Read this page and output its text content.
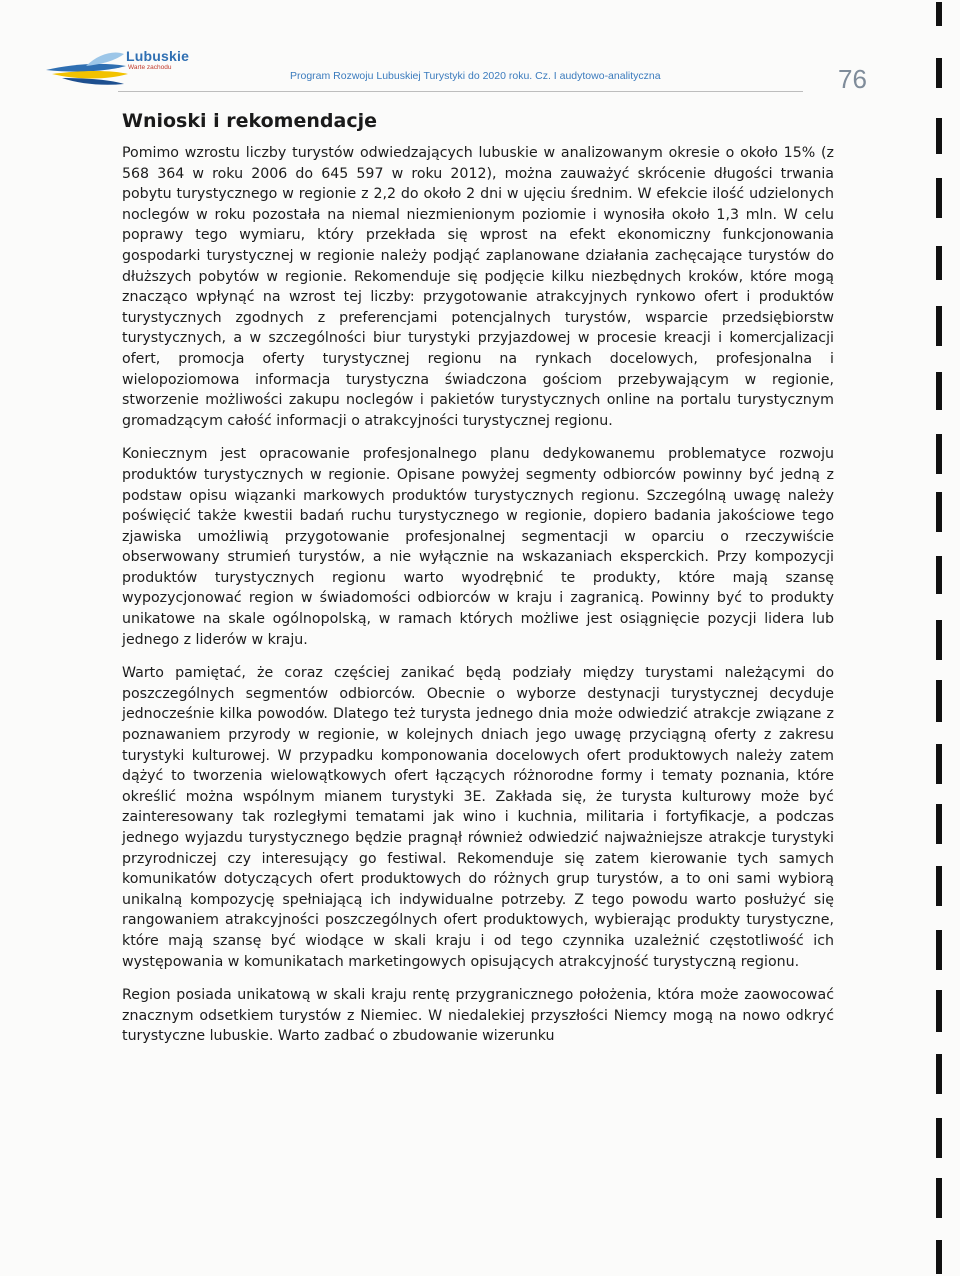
Lubuskie
Warte zachodu
Program Rozwoju Lubuskiej Turystyki do 2020 roku. Cz. I audytowo-analityczna	76
Wnioski i rekomendacje

Pomimo wzrostu liczby turystów odwiedzających lubuskie w analizowanym okresie o około 15% (z 568 364 w roku 2006 do 645 597 w roku 2012), można zauważyć skrócenie długości trwania pobytu turystycznego w regionie z 2,2 do około 2 dni w ujęciu średnim. W efekcie ilość udzielonych noclegów w roku pozostała na niemal niezmienionym poziomie i wynosiła około 1,3 mln. W celu poprawy tego wymiaru, który przekłada się wprost na efekt ekonomiczny funkcjonowania gospodarki turystycznej w regionie należy podjąć zaplanowane działania zachęcające turystów do dłuższych pobytów w regionie. Rekomenduje się podjęcie kilku niezbędnych kroków, które mogą znacząco wpłynąć na wzrost tej liczby: przygotowanie atrakcyjnych rynkowo ofert i produktów turystycznych zgodnych z preferencjami potencjalnych turystów, wsparcie przedsiębiorstw turystycznych, a w szczególności biur turystyki przyjazdowej w procesie kreacji i komercjalizacji ofert, promocja oferty turystycznej regionu na rynkach docelowych, profesjonalna i wielopoziomowa informacja turystyczna świadczona gościom przebywającym w regionie, stworzenie możliwości zakupu noclegów i pakietów turystycznych online na portalu turystycznym gromadzącym całość informacji o atrakcyjności turystycznej regionu.

Koniecznym jest opracowanie profesjonalnego planu dedykowanemu problematyce rozwoju produktów turystycznych w regionie. Opisane powyżej segmenty odbiorców powinny być jedną z podstaw opisu wiązanki markowych produktów turystycznych regionu. Szczególną uwagę należy poświęcić także kwestii badań ruchu turystycznego w regionie, dopiero badania jakościowe tego zjawiska umożliwią przygotowanie profesjonalnej segmentacji w oparciu o rzeczywiście obserwowany strumień turystów, a nie wyłącznie na wskazaniach eksperckich. Przy kompozycji produktów turystycznych regionu warto wyodrębnić te produkty, które mają szansę wypozycjonować region w świadomości odbiorców w kraju i zagranicą. Powinny być to produkty unikatowe na skale ogólnopolską, w ramach których możliwe jest osiągnięcie pozycji lidera lub jednego z liderów w kraju.

Warto pamiętać, że coraz częściej zanikać będą podziały między turystami należącymi do poszczególnych segmentów odbiorców. Obecnie o wyborze destynacji turystycznej decyduje jednocześnie kilka powodów. Dlatego też turysta jednego dnia może odwiedzić atrakcje związane z poznawaniem przyrody w regionie, w kolejnych dniach jego uwagę przyciągną oferty z zakresu turystyki kulturowej. W przypadku komponowania docelowych ofert produktowych należy zatem dążyć to tworzenia wielowątkowych ofert łączących różnorodne formy i tematy poznania, które określić można wspólnym mianem turystyki 3E. Zakłada się, że turysta kulturowy może być zainteresowany tak rozległymi tematami jak wino i kuchnia, militaria i fortyfikacje, a podczas jednego wyjazdu turystycznego będzie pragnął również odwiedzić najważniejsze atrakcje turystyki przyrodniczej czy interesujący go festiwal. Rekomenduje się zatem kierowanie tych samych komunikatów dotyczących ofert produktowych do różnych grup turystów, a to oni sami wybiorą unikalną kompozycję spełniającą ich indywidualne potrzeby. Z tego powodu warto posłużyć się rangowaniem atrakcyjności poszczególnych ofert produktowych, wybierając produkty turystyczne, które mają szansę być wiodące w skali kraju i od tego czynnika uzależnić częstotliwość ich występowania w komunikatach marketingowych opisujących atrakcyjność turystyczną regionu.

Region posiada unikatową w skali kraju rentę przygranicznego położenia, która może zaowocować znacznym odsetkiem turystów z Niemiec. W niedalekiej przyszłości Niemcy mogą na nowo odkryć turystyczne lubuskie. Warto zadbać o zbudowanie wizerunku
